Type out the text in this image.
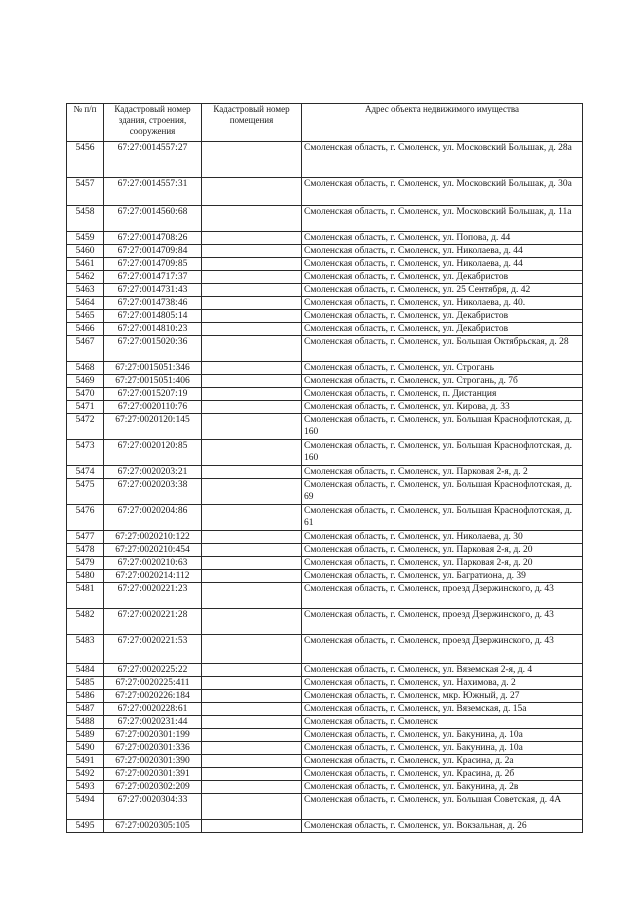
№ п/п	Кадастровый номер здания, строения, сооружения	Кадастровый номер помещения	Адрес объекта недвижимого имущества
5456	67:27:0014557:27		Смоленская область, г. Смоленск, ул. Московский Большак, д. 28а
5457	67:27:0014557:31		Смоленская область, г. Смоленск, ул. Московский Большак, д. 30а
5458	67:27:0014560:68		Смоленская область, г. Смоленск, ул. Московский Большак, д. 11а
5459	67:27:0014708:26		Смоленская область, г. Смоленск, ул. Попова, д. 44
5460	67:27:0014709:84		Смоленская область, г. Смоленск, ул. Николаева, д. 44
5461	67:27:0014709:85		Смоленская область, г. Смоленск, ул. Николаева, д. 44
5462	67:27:0014717:37		Смоленская область, г. Смоленск, ул. Декабристов
5463	67:27:0014731:43		Смоленская область, г. Смоленск, ул. 25 Сентября, д. 42
5464	67:27:0014738:46		Смоленская область, г. Смоленск, ул. Николаева, д. 40.
5465	67:27:0014805:14		Смоленская область, г. Смоленск, ул. Декабристов
5466	67:27:0014810:23		Смоленская область, г. Смоленск, ул. Декабристов
5467	67:27:0015020:36		Смоленская область, г. Смоленск, ул. Большая Октябрьская, д. 28
5468	67:27:0015051:346		Смоленская область, г. Смоленск, ул. Строгань
5469	67:27:0015051:406		Смоленская область, г. Смоленск, ул. Строгань, д. 7б
5470	67:27:0015207:19		Смоленская область, г. Смоленск, п. Дистанция
5471	67:27:0020110:76		Смоленская область, г. Смоленск, ул. Кирова, д. 33
5472	67:27:0020120:145		Смоленская область, г. Смоленск, ул. Большая Краснофлотская, д. 160
5473	67:27:0020120:85		Смоленская область, г. Смоленск, ул. Большая Краснофлотская, д. 160
5474	67:27:0020203:21		Смоленская область, г. Смоленск, ул. Парковая 2-я, д. 2
5475	67:27:0020203:38		Смоленская область, г. Смоленск, ул. Большая Краснофлотская, д. 69
5476	67:27:0020204:86		Смоленская область, г. Смоленск, ул. Большая Краснофлотская, д. 61
5477	67:27:0020210:122		Смоленская область, г. Смоленск, ул. Николаева, д. 30
5478	67:27:0020210:454		Смоленская область, г. Смоленск, ул. Парковая 2-я, д. 20
5479	67:27:0020210:63		Смоленская область, г. Смоленск, ул. Парковая 2-я, д. 20
5480	67:27:0020214:112		Смоленская область, г. Смоленск, ул. Багратиона, д. 39
5481	67:27:0020221:23		Смоленская область, г. Смоленск, проезд Дзержинского, д. 43
5482	67:27:0020221:28		Смоленская область, г. Смоленск, проезд Дзержинского, д. 43
5483	67:27:0020221:53		Смоленская область, г. Смоленск, проезд Дзержинского, д. 43
5484	67:27:0020225:22		Смоленская область, г. Смоленск, ул. Вяземская 2-я, д. 4
5485	67:27:0020225:411		Смоленская область, г. Смоленск, ул. Нахимова, д. 2
5486	67:27:0020226:184		Смоленская область, г. Смоленск, мкр. Южный, д. 27
5487	67:27:0020228:61		Смоленская область, г. Смоленск, ул. Вяземская, д. 15а
5488	67:27:0020231:44		Смоленская область, г. Смоленск
5489	67:27:0020301:199		Смоленская область, г. Смоленск, ул. Бакунина, д. 10а
5490	67:27:0020301:336		Смоленская область, г. Смоленск, ул. Бакунина, д. 10а
5491	67:27:0020301:390		Смоленская область, г. Смоленск, ул. Красина, д. 2а
5492	67:27:0020301:391		Смоленская область, г. Смоленск, ул. Красина, д. 2б
5493	67:27:0020302:209		Смоленская область, г. Смоленск, ул. Бакунина, д. 2в
5494	67:27:0020304:33		Смоленская область, г. Смоленск, ул. Большая Советская, д. 4А
5495	67:27:0020305:105		Смоленская область, г. Смоленск, ул. Вокзальная, д. 26
